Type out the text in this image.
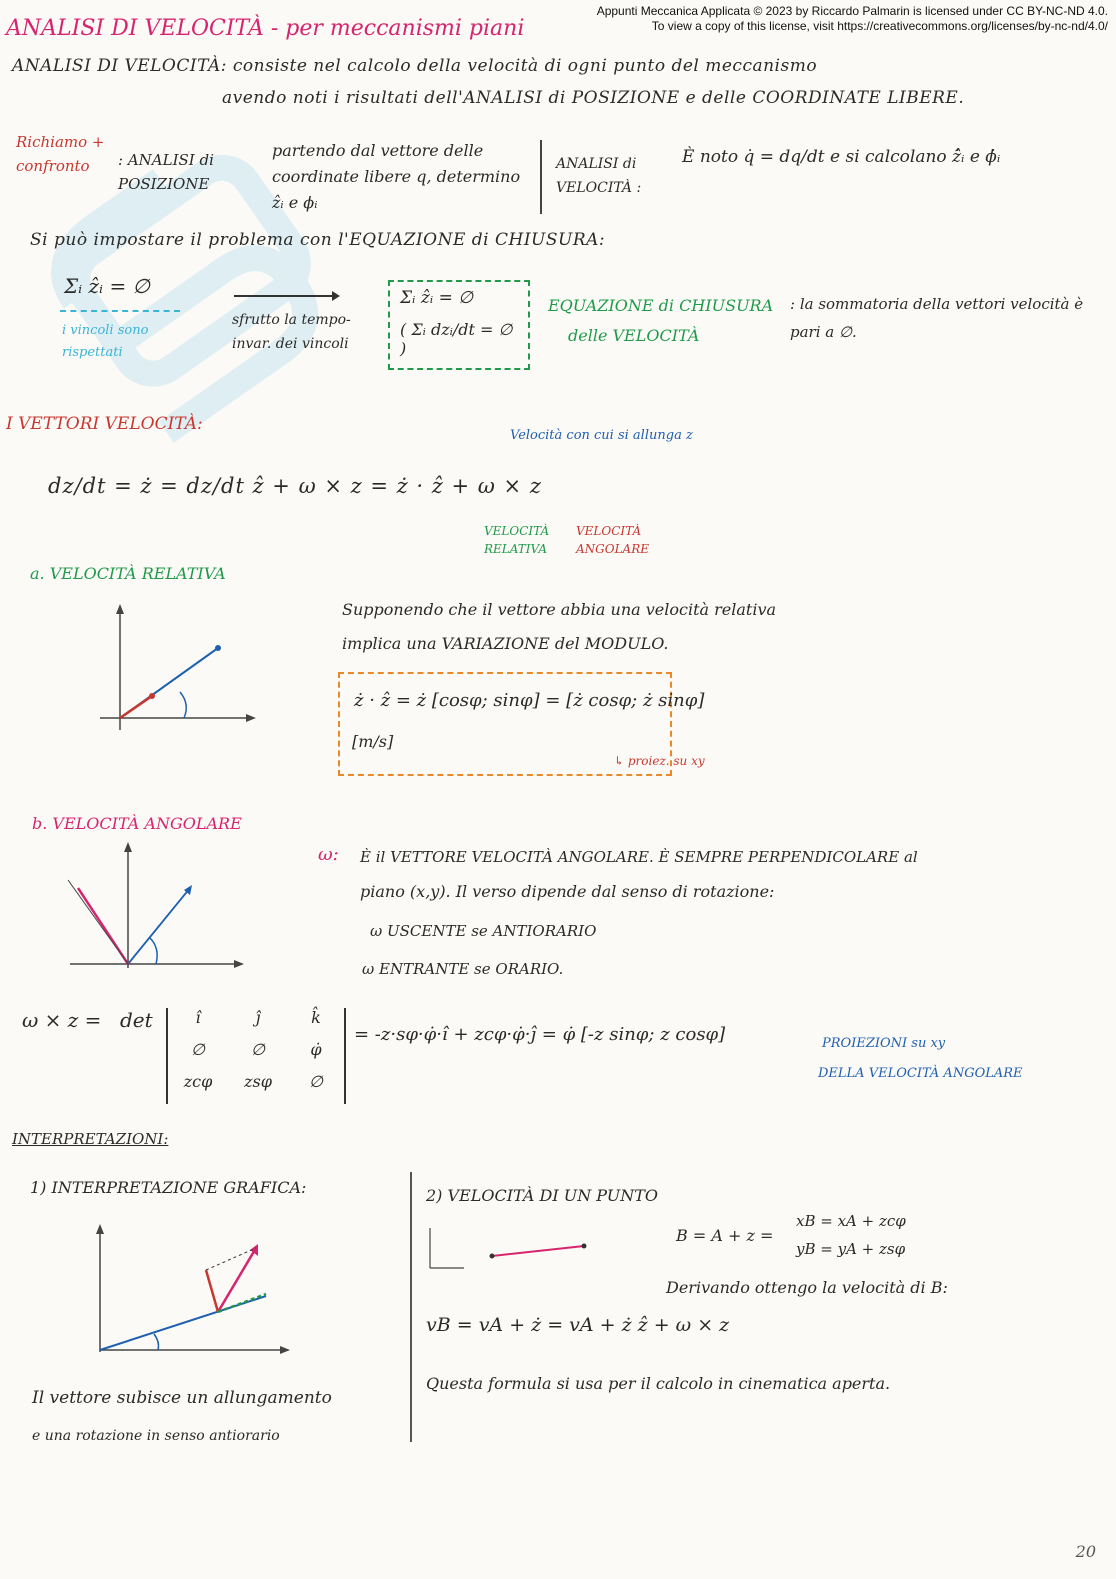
Appunti Meccanica Applicata © 2023 by Riccardo Palmarin is licensed under CC BY-NC-ND 4.0.
To view a copy of this license, visit https://creativecommons.org/licenses/by-nc-nd/4.0/
ANALISI DI VELOCITÀ - per meccanismi piani
ANALISI DI VELOCITÀ: consiste nel calcolo della velocità di ogni punto del meccanismo
avendo noti i risultati dell'ANALISI di POSIZIONE e delle COORDINATE LIBERE.
Richiamo + confronto	: ANALISI di POSIZIONE
partendo dal vettore delle coordinate libere q, determino ẑᵢ e ϕᵢ
ANALISI di VELOCITÀ :
È noto q̇ = dq/dt e si calcolano ẑ̇ᵢ e ϕ̇ᵢ
Si può impostare il problema con l'EQUAZIONE di CHIUSURA:
Σᵢ ẑᵢ = ∅
i vincoli sono rispettati
sfrutto la tempo-invar. dei vincoli
Σᵢ ẑᵢ = ∅
( Σᵢ dzᵢ/dt = ∅ )
EQUAZIONE di CHIUSURA
delle VELOCITÀ
: la sommatoria della vettori velocità è pari a ∅.
I VETTORI VELOCITÀ:
Velocità con cui si allunga z
dz/dt = ż = dz/dt ẑ + ω × z = ż · ẑ + ω × z
VELOCITÀ RELATIVA
VELOCITÀ ANGOLARE
a. VELOCITÀ RELATIVA
Supponendo che il vettore abbia una velocità relativa
implica una VARIAZIONE del MODULO.
ż · ẑ = ż [cosφ; sinφ] = [ż cosφ; ż sinφ]
[m/s]
↳ proiez. su xy
b. VELOCITÀ ANGOLARE
ω: È il VETTORE VELOCITÀ ANGOLARE. È SEMPRE PERPENDICOLARE al
piano (x,y). Il verso dipende dal senso di rotazione:
ω USCENTE se ANTIORARIO
ω ENTRANTE se ORARIO.
ω × z = det	î	ĵ	k̂
∅	∅	φ̇
zcφ	zsφ	∅
= -z·sφ·φ̇·î + zcφ·φ̇·ĵ = φ̇ [-z sinφ; z cosφ]	PROIEZIONI su xy
DELLA VELOCITÀ ANGOLARE
INTERPRETAZIONI:
1) INTERPRETAZIONE GRAFICA:
Il vettore subisce un allungamento
e una rotazione in senso antiorario
2) VELOCITÀ DI UN PUNTO
B = A + z =
xB = xA + zcφ
yB = yA + zsφ
Derivando ottengo la velocità di B:
vB = vA + ż = vA + ż ẑ + ω × z
Questa formula si usa per il calcolo in cinematica aperta.
20
